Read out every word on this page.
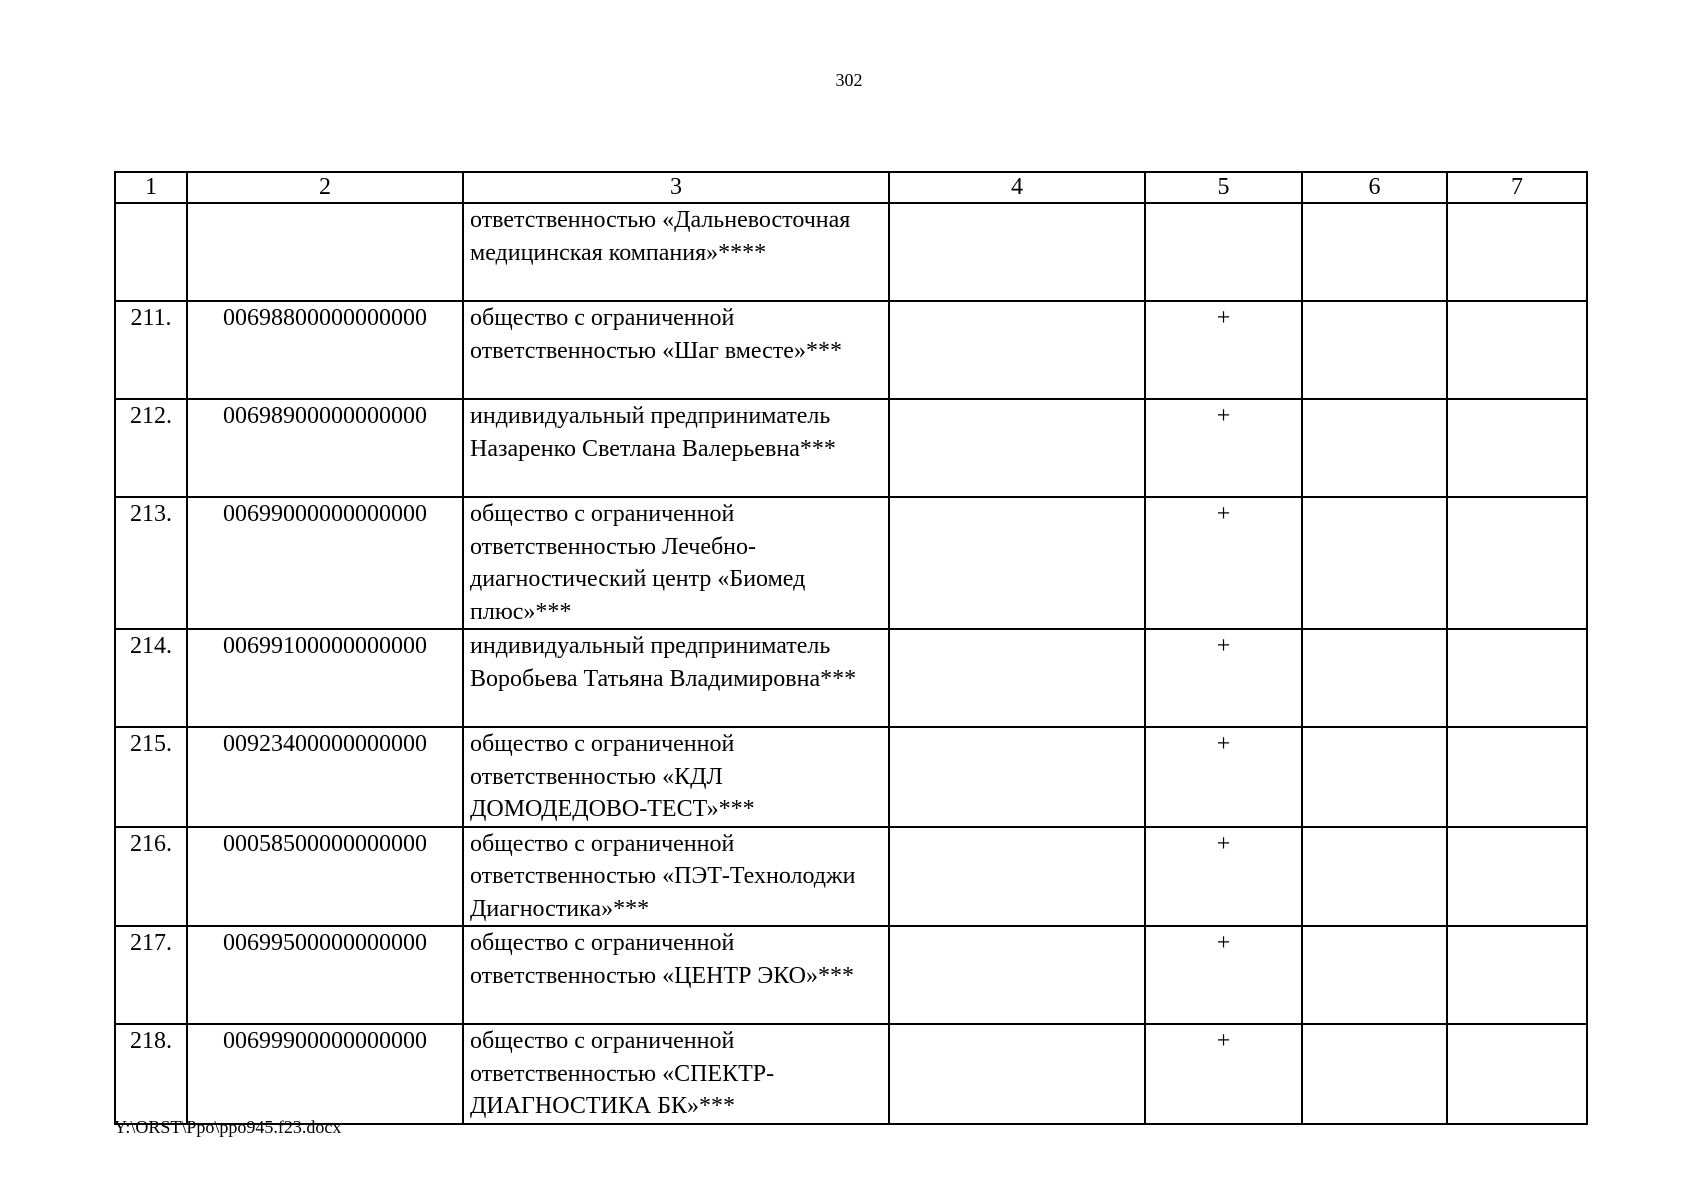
302
1	2	3	4	5	6	7
		ответственностью «Дальневосточная медицинская компания»****				
211.	00698800000000000	общество с ограниченной ответственностью «Шаг вместе»***		+		
212.	00698900000000000	индивидуальный предприниматель Назаренко Светлана Валерьевна***		+		
213.	00699000000000000	общество с ограниченной ответственностью Лечебно-диагностический центр «Биомед плюс»***		+		
214.	00699100000000000	индивидуальный предприниматель Воробьева Татьяна Владимировна***		+		
215.	00923400000000000	общество с ограниченной ответственностью «КДЛ ДОМОДЕДОВО-ТЕСТ»***		+		
216.	00058500000000000	общество с ограниченной ответственностью «ПЭТ-Технолоджи Диагностика»***		+		
217.	00699500000000000	общество с ограниченной ответственностью «ЦЕНТР ЭКО»***		+		
218.	00699900000000000	общество с ограниченной ответственностью «СПЕКТР-ДИАГНОСТИКА БК»***		+		
Y:\ORST\Ppo\ppo945.f23.docx
